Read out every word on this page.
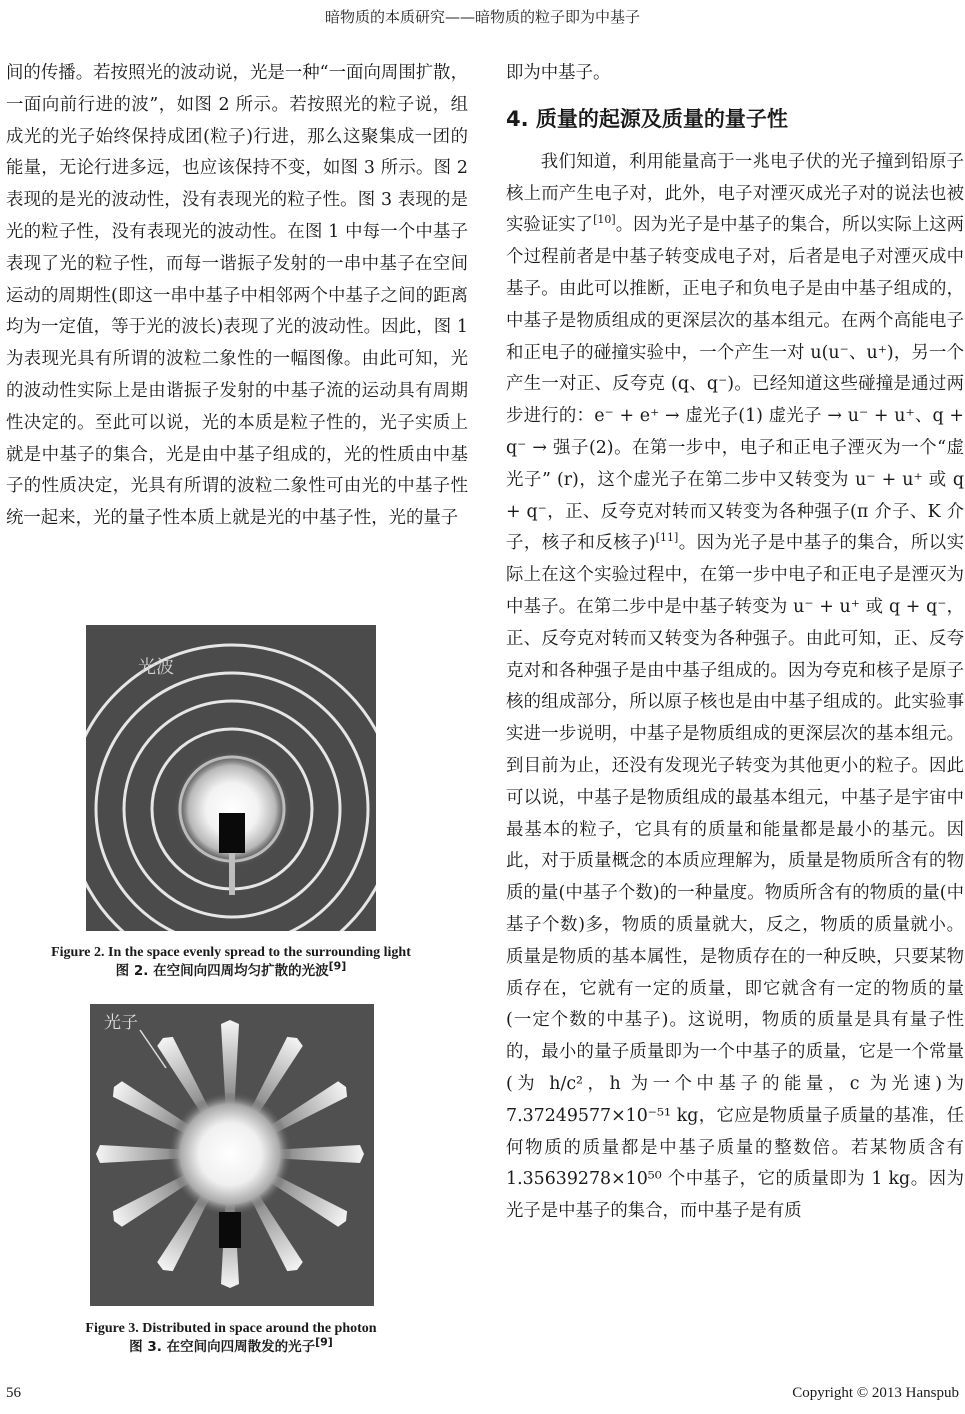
暗物质的本质研究——暗物质的粒子即为中基子

间的传播。若按照光的波动说，光是一种“一面向周围扩散，一面向前行进的波”，如图 2 所示。若按照光的粒子说，组成光的光子始终保持成团(粒子)行进，那么这聚集成一团的能量，无论行进多远，也应该保持不变，如图 3 所示。图 2 表现的是光的波动性，没有表现光的粒子性。图 3 表现的是光的粒子性，没有表现光的波动性。在图 1 中每一个中基子表现了光的粒子性，而每一谐振子发射的一串中基子在空间运动的周期性(即这一串中基子中相邻两个中基子之间的距离均为一定值，等于光的波长)表现了光的波动性。因此，图 1 为表现光具有所谓的波粒二象性的一幅图像。由此可知，光的波动性实际上是由谐振子发射的中基子流的运动具有周期性决定的。至此可以说，光的本质是粒子性的，光子实质上就是中基子的集合，光是由中基子组成的，光的性质由中基子的性质决定，光具有所谓的波粒二象性可由光的中基子性统一起来，光的量子性本质上就是光的中基子性，光的量子

光波
Figure 2. In the space evenly spread to the surrounding light
图 2. 在空间向四周均匀扩散的光波[9]
光子
Figure 3. Distributed in space around the photon
图 3. 在空间向四周散发的光子[9]

即为中基子。

4. 质量的起源及质量的量子性

我们知道，利用能量高于一兆电子伏的光子撞到铅原子核上而产生电子对，此外，电子对湮灭成光子对的说法也被实验证实了[10]。因为光子是中基子的集合，所以实际上这两个过程前者是中基子转变成电子对，后者是电子对湮灭成中基子。由此可以推断，正电子和负电子是由中基子组成的，中基子是物质组成的更深层次的基本组元。在两个高能电子和正电子的碰撞实验中，一个产生一对 u(u⁻、u⁺)，另一个产生一对正、反夸克 (q、q⁻)。已经知道这些碰撞是通过两步进行的：e⁻ + e⁺ → 虚光子(1) 虚光子 → u⁻ + u⁺、q + q⁻ → 强子(2)。在第一步中，电子和正电子湮灭为一个“虚光子” (r)，这个虚光子在第二步中又转变为 u⁻ + u⁺ 或 q + q⁻，正、反夸克对转而又转变为各种强子(π 介子、K 介子，核子和反核子)[11]。因为光子是中基子的集合，所以实际上在这个实验过程中，在第一步中电子和正电子是湮灭为中基子。在第二步中是中基子转变为 u⁻ + u⁺ 或 q + q⁻，正、反夸克对转而又转变为各种强子。由此可知，正、反夸克对和各种强子是由中基子组成的。因为夸克和核子是原子核的组成部分，所以原子核也是由中基子组成的。此实验事实进一步说明，中基子是物质组成的更深层次的基本组元。到目前为止，还没有发现光子转变为其他更小的粒子。因此可以说，中基子是物质组成的最基本组元，中基子是宇宙中最基本的粒子，它具有的质量和能量都是最小的基元。因此，对于质量概念的本质应理解为，质量是物质所含有的物质的量(中基子个数)的一种量度。物质所含有的物质的量(中基子个数)多，物质的质量就大，反之，物质的质量就小。质量是物质的基本属性，是物质存在的一种反映，只要某物质存在，它就有一定的质量，即它就含有一定的物质的量(一定个数的中基子)。这说明，物质的质量是具有量子性的，最小的量子质量即为一个中基子的质量，它是一个常量(为 h/c²，h 为一个中基子的能量，c 为光速)为 7.37249577×10⁻⁵¹ kg，它应是物质量子质量的基准，任何物质的质量都是中基子质量的整数倍。若某物质含有 1.35639278×10⁵⁰ 个中基子，它的质量即为 1 kg。因为光子是中基子的集合，而中基子是有质

56	Copyright © 2013 Hanspub
